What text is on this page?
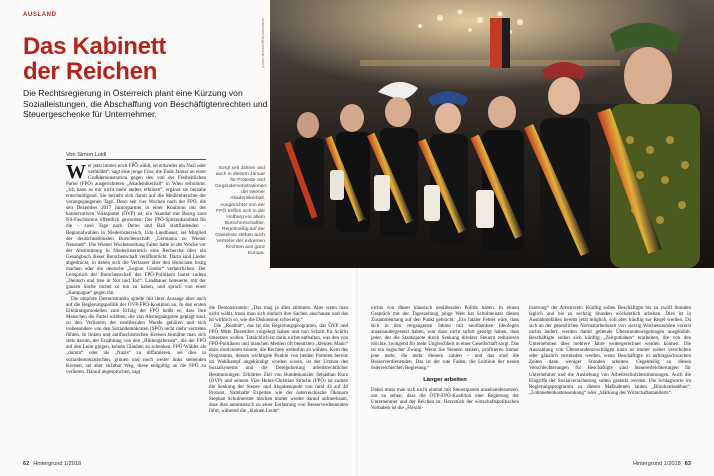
AUSLAND
Das Kabinett
der Reichen
Die Rechtsregierung in Österreich plant eine Kürzung von Sozialleistungen, die Abschaffung von Beschäftigtenrechten und Steuergeschenke für Unternehmer.
Von Simon Loidl

Wer jetzt immer noch FPÖ wählt, ist entweder ein Nazi oder verblödet“, sagt eine junge Frau, die Ende Januar an einer Großdemonstration gegen den von der Freiheitlichen Partei (FPÖ) ausgerichteten „Akademikerball“ in Wien teilnimmt. „Ich kann es mir nicht mehr anders erklären“, ergänzt sie beinahe entschuldigend. Sie bezieht sich damit auf die Medienberichte der vorangegangenen Tage. Denn seit vier Wochen nach der FPÖ, die seit Dezember 2017 Juniorpartner in einer Koalition mit der konservativen Volkspartei (ÖVP) ist, ein Skandal mit Bezug zum NS-Faschismus öffentlich geworden: Der FPÖ-Spitzenkandidat für die – zwei Tage nach Demo und Ball stattfindenden – Regionalwahlen in Niederösterreich, Udo Landbauer, sei Mitglied der deutschnationalen Burschenschaft „Germania zu Wiener Neustadt“. Die Wiener Wochenzeitung Falter hatte in der Woche vor der Abstimmung in Niederösterreich eine Recherche über ein Gesangbuch dieser Burschenschaft veröffentlicht. Darin sind Lieder abgedruckt, in denen sich die Verfasser über den Holocaust lustig machen oder die deutsche „Legion Condor“ verherrlichen. Der Leitspruch der Burschenschaft des FPÖ-Politikers lautet zudem „Deutsch und treu in Not und Tod“. Landbauer beteuerte, mit der ganzen Sache nichts zu tun zu haben, und sprach von einer „Kampagne“ gegen ihn.

Die empörte Demonstrantin spielte mit ihrer Aussage aber auch auf die Regierungspolitik der ÖVP-FPÖ-Koalition an. In den ersten Erklärungsmodellen zum Erfolg der FPÖ heißt es, dass ihre Menschen die Partei wählten, die von Abstiegsängsten geplagt sind, zu den Verlierern der neoliberalen Wende gehören und sich insbesondere von den Sozialdemokraten (SPÖ) nicht mehr vertreten fühlen. In linken und antifaschistischen Kreisen bemühte man sich stets darum, der Erzählung von den „Bildungsfernen“, die der FPÖ auf den Leim gingen, keinen Glauben zu schenken. FPÖ-Wähler als „dumm“ oder als „Nazis“ zu diffamieren, sei dies in sozialdemokratischen, grünen und noch weiter links stehenden Kreisen, sei aber sichtbar Weg, diese endgültig an die FPÖ zu verlieren. Darauf angesprochen, sagt

Sorgt seit Jahren und auch in diesem Januar für Proteste und Gegendemonstrationen: der Wiener Akademikerball. Ausgerichtet von der FPÖ treffen sich in der Hofburg vor allem Burschenschaftler. Regelmäßig auf der Gästeliste stehen auch Vertreter der extremen Rechten aus ganz Europa.

die Demonstrantin: „Das mag ja alles stimmen. Aber wenn man nicht wählt, muss man sich einfach ihre Sachen anschauen und das ist wirklich so, wie die Diskussion schwierig.“

Die „Realität“, das ist das Regierungsprogramm, das ÖVP und FPÖ Mitte Dezember vorgelegt haben und nun Schritt für Schritt umsetzen wollen. Tatsächlich ist darin nichts enthalten, was den von FPÖ-Politikern und manchen Medien oft benutzten „kleinen Mann“ dazu motivieren könnte, die Rechten weiterhin zu wählen. Kern des Programms, dessen wichtigste Punkte von beiden Parteien bereits im Wahlkampf angekündigt worden waren, ist der Umbau des Sozialsystems und die Deregulierung arbeitsrechtlicher Bestimmungen. Erklärtes Ziel von Bundeskanzler Sebastian Kurz (ÖVP) und seinem Vize Heinz-Christian Strache (FPÖ) ist zudem die Senkung der Steuer- und Abgabenquote von rund 43 auf 40 Prozent. Namhafte Experten wie der österreichische Ökonom Stephan Schulmeister machen immer wieder darauf aufmerksam, dass dies automatisch zu einer Entlastung von Besserverdienenden führt, während die „kleinen Leute“

picture alliance/APA/picturedesk

nichts von dieser klassisch neoliberalen Politik haben. In einem Gespräch mit der Tageszeitung junge Welt hat Schulmeister diesen Zusammenhang auf den Punkt gebracht: „Ein fataler Fehler wäre, dass sich in den vergangenen Jahren mit neoliberalen Ideologen auseinandergesetzt haben, was dazu nicht sofort gezeigt haben, dass jeder, der die Staatsquote durch Senkung direkter Steuern reduzieren möchte, zwingend für mehr Ungleichheit in einer Gesellschaft sorgt. Das ist ein logischer Zwang. Wenn Sie Steuern senken, profitieren immer jene mehr, die mehr Steuern zahlen – und das sind die Besserverdienenden. Das ist der rote Faden, die Leitlinie der neuen österreichischen Regierung.“

Länger arbeiten

Dabei muss man sich nicht einmal mit Steuerquoten auseinandersetzen, um zu sehen, dass die ÖVP-FPÖ-Koalition eine Regierung der Unternehmer und der Reichen ist. Herzstück der wirtschaftspolitischen Vorhaben ist die „Flexibi-

lisierung“ der Arbeitszeit: Künftig sollen Beschäftigte bis zu zwölf Stunden täglich und bis zu sechzig Stunden wöchentlich arbeiten. Dies ist in Ausnahmefällen bereits jetzt möglich, soll aber künftig zur Regel werden. Da sich an der gesetzlichen Normalarbeitszeit von vierzig Wochenstunden vorerst nichts ändert, werden damit geltende Überstundenregelungen ausgehöhlt. Beschäftigte sollen sich künftig „Zeitguthaben“ erarbeiten, die von den Unternehmen über mehrere Jahre weitergerechnet werden können. Die Auszahlung von Überstundenzuschlägen kann so immer weiter verschoben oder gänzlich vermieden werden, wenn Beschäftigte in auftragsschwachen Zeiten dann weniger Stunden arbeiten. Gegenteilig zu diesen Verschlechterungen für Beschäftigte sind Steuererleichterungen für Unternehmer und die Ausbebung von Arbeitsschutzbestimmungen. Auch die Eingriffe der Sozialversicherung sollen gesenkt werden. Die Schlagworte im Regierungsprogramm zu diesen Maßnahmen lauten „Bürokratieabbau“, „Lohnnebenkostensenkung“ oder „Stärkung des Wirtschaftsstandorts“.

62 Hintergrund 1/2018	Hintergrund 1/2018 63
